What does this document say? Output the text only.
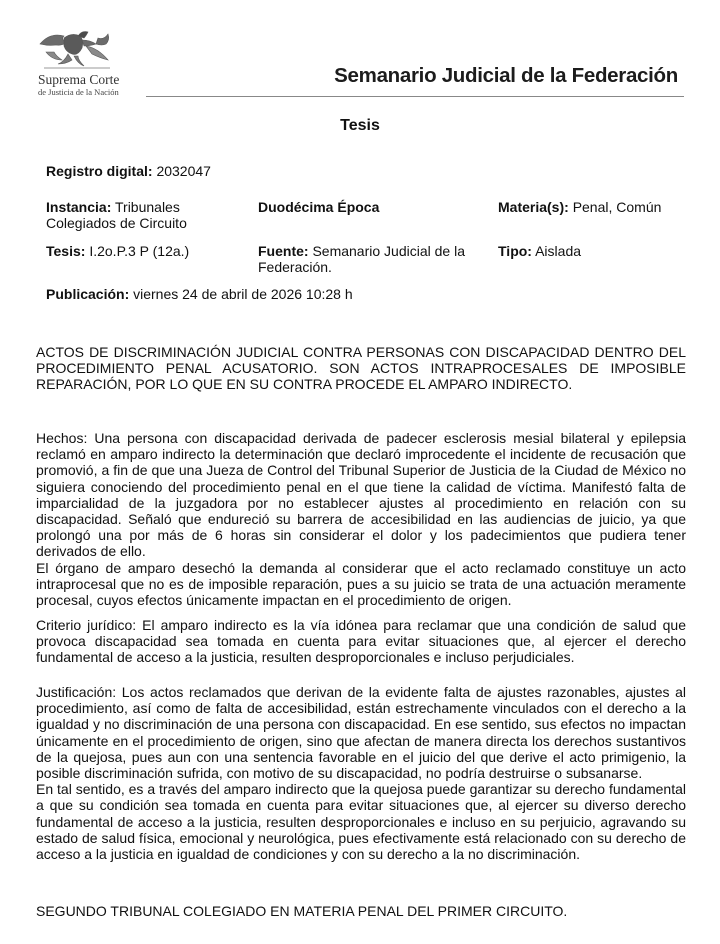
Suprema Corte
de Justicia de la Nación
Semanario Judicial de la Federación
Tesis
Registro digital: 2032047
Instancia: Tribunales Colegiados de Circuito
Duodécima Época	Materia(s): Penal, Común
Tesis: I.2o.P.3 P (12a.)	Fuente: Semanario Judicial de la Federación.
Tipo: Aislada
Publicación: viernes 24 de abril de 2026 10:28 h

ACTOS DE DISCRIMINACIÓN JUDICIAL CONTRA PERSONAS CON DISCAPACIDAD DENTRO DEL PROCEDIMIENTO PENAL ACUSATORIO. SON ACTOS INTRAPROCESALES DE IMPOSIBLE REPARACIÓN, POR LO QUE EN SU CONTRA PROCEDE EL AMPARO INDIRECTO.

Hechos: Una persona con discapacidad derivada de padecer esclerosis mesial bilateral y epilepsia reclamó en amparo indirecto la determinación que declaró improcedente el incidente de recusación que promovió, a fin de que una Jueza de Control del Tribunal Superior de Justicia de la Ciudad de México no siguiera conociendo del procedimiento penal en el que tiene la calidad de víctima. Manifestó falta de imparcialidad de la juzgadora por no establecer ajustes al procedimiento en relación con su discapacidad. Señaló que endureció su barrera de accesibilidad en las audiencias de juicio, ya que prolongó una por más de 6 horas sin considerar el dolor y los padecimientos que pudiera tener derivados de ello.

El órgano de amparo desechó la demanda al considerar que el acto reclamado constituye un acto intraprocesal que no es de imposible reparación, pues a su juicio se trata de una actuación meramente procesal, cuyos efectos únicamente impactan en el procedimiento de origen.

Criterio jurídico: El amparo indirecto es la vía idónea para reclamar que una condición de salud que provoca discapacidad sea tomada en cuenta para evitar situaciones que, al ejercer el derecho fundamental de acceso a la justicia, resulten desproporcionales e incluso perjudiciales.

Justificación: Los actos reclamados que derivan de la evidente falta de ajustes razonables, ajustes al procedimiento, así como de falta de accesibilidad, están estrechamente vinculados con el derecho a la igualdad y no discriminación de una persona con discapacidad. En ese sentido, sus efectos no impactan únicamente en el procedimiento de origen, sino que afectan de manera directa los derechos sustantivos de la quejosa, pues aun con una sentencia favorable en el juicio del que derive el acto primigenio, la posible discriminación sufrida, con motivo de su discapacidad, no podría destruirse o subsanarse.

En tal sentido, es a través del amparo indirecto que la quejosa puede garantizar su derecho fundamental a que su condición sea tomada en cuenta para evitar situaciones que, al ejercer su diverso derecho fundamental de acceso a la justicia, resulten desproporcionales e incluso en su perjuicio, agravando su estado de salud física, emocional y neurológica, pues efectivamente está relacionado con su derecho de acceso a la justicia en igualdad de condiciones y con su derecho a la no discriminación.

SEGUNDO TRIBUNAL COLEGIADO EN MATERIA PENAL DEL PRIMER CIRCUITO.
